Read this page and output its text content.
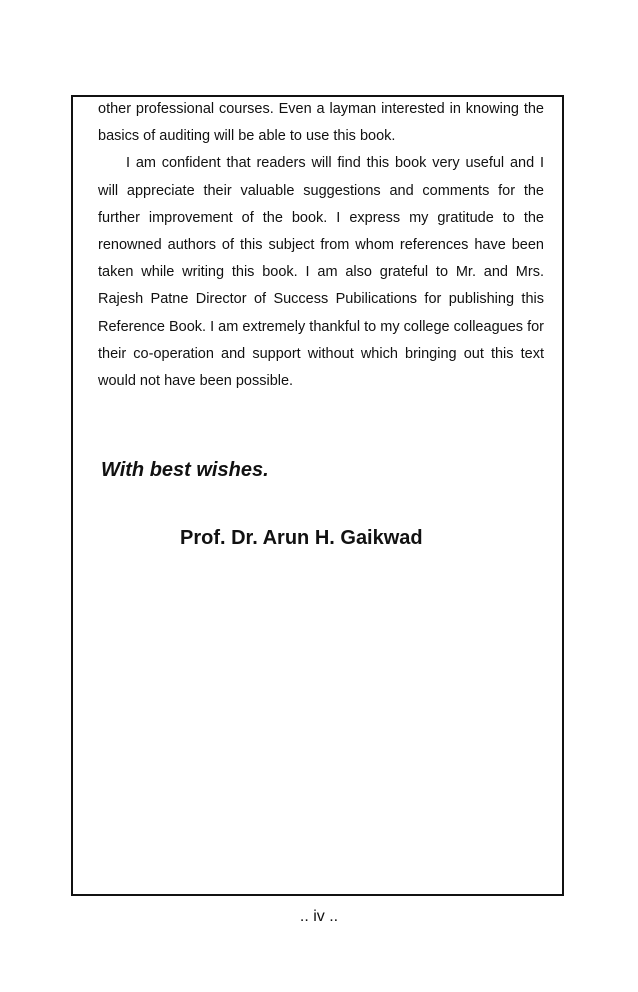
other professional courses. Even a layman interested in knowing the basics of auditing will be able to use this book.

I am confident that readers will find this book very useful and I will appreciate their valuable suggestions and comments for the further improvement of the book. I express my gratitude to the renowned authors of this subject from whom references have been taken while writing this book. I am also grateful to Mr. and Mrs. Rajesh Patne Director of Success Pubilications for publishing this Reference Book. I am extremely thankful to my college colleagues for their co-operation and support without which bringing out this text would not have been possible.

With best wishes.

Prof. Dr. Arun H. Gaikwad

.. iv ..
